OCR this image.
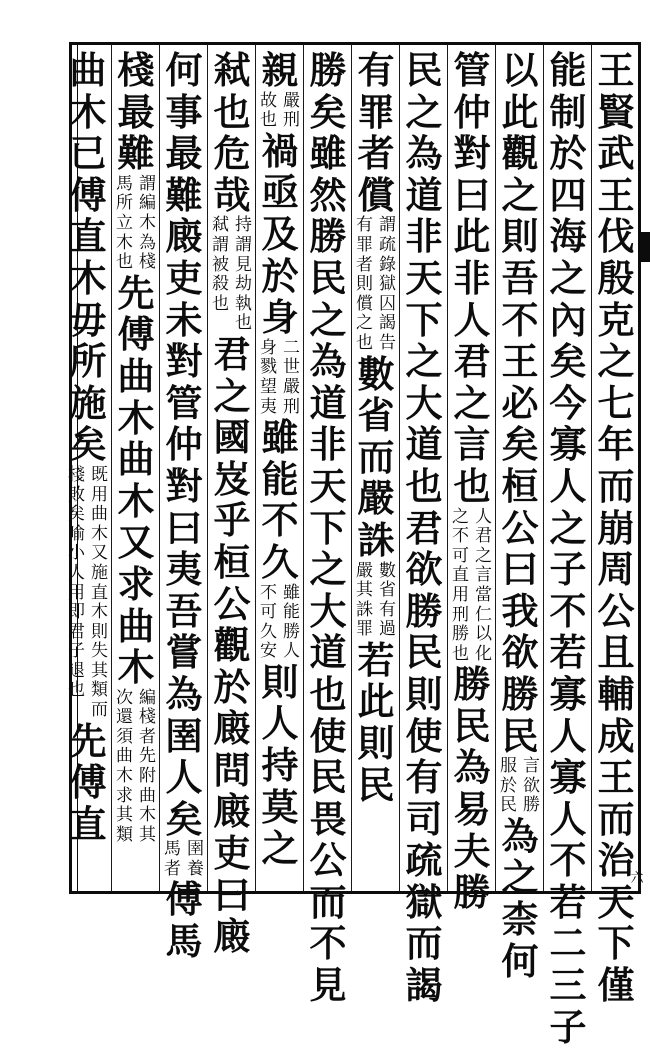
六
王
賢
武
王
伐
殷
克
之
七
年
而
崩
周
公
且
輔
成
王
而
治
天
下
僅
能
制
於
四
海
之
內
矣
今
寡
人
之
子
不
若
寡
人
寡
人
不
若
二
三
子
以
此
觀
之
則
吾
不
王
必
矣
桓
公
曰
我
欲
勝
民
言欲勝
服於民
為
之
柰
何
管
仲
對
曰
此
非
人
君
之
言
也
人君之言當仁以化
之不可直用刑勝也
勝
民
為
易
夫
勝
民
之
為
道
非
天
下
之
大
道
也
君
欲
勝
民
則
使
有
司
疏
獄
而
謁
有
罪
者
償
謂疏錄獄囚謁告
有罪者則償之也
數
省
而
嚴
誅
數省有過
嚴其誅罪
若
此
則
民
勝
矣
雖
然
勝
民
之
為
道
非
天
下
之
大
道
也
使
民
畏
公
而
不
見
親
嚴刑
故也
禍
亟
及
於
身
二世嚴刑
身戮望夷
雖
能
不
久
雖能勝人
不可久安
則
人
持
莫
之
弒
也
危
哉
持謂見劫執也
弒謂被殺也
君
之
國
岌
乎
桓
公
觀
於
廄
問
廄
吏
曰
廄
何
事
最
難
廄
吏
未
對
管
仲
對
曰
夷
吾
嘗
為
圉
人
矣
圉養
馬者
傅
馬
棧
最
難
謂編木為棧
馬所立木也
先
傅
曲
木
曲
木
又
求
曲
木
編棧者先附曲木其
次還須曲木求其類
曲
木
已
傅
直
木
毋
所
施
矣
既用曲木又施直木則失其類而
棧敗矣喻小人用即君子退也
先
傅
直
